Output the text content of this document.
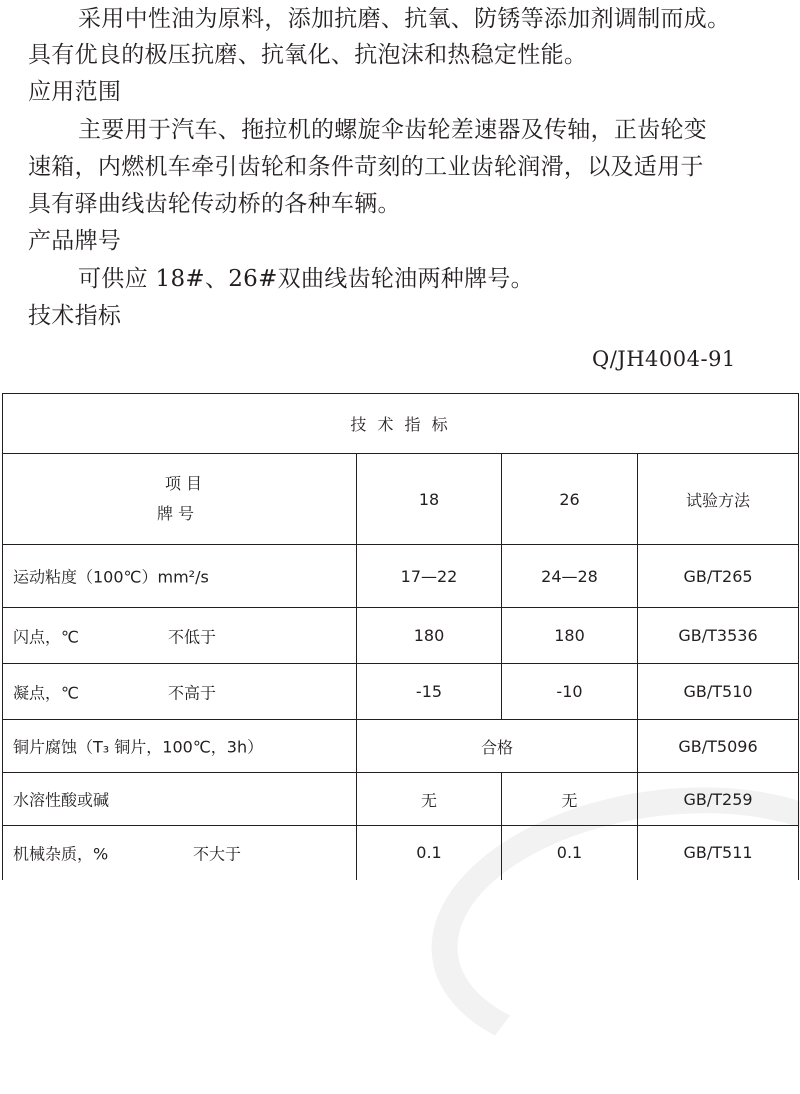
采用中性油为原料，添加抗磨、抗氧、防锈等添加剂调制而成。
具有优良的极压抗磨、抗氧化、抗泡沫和热稳定性能。
应用范围
主要用于汽车、拖拉机的螺旋伞齿轮差速器及传轴，正齿轮变
速箱，内燃机车牵引齿轮和条件苛刻的工业齿轮润滑，以及适用于
具有驿曲线齿轮传动桥的各种车辆。
产品牌号
可供应 18#、26#双曲线齿轮油两种牌号。
技术指标
Q/JH4004-91
技 术 指 标			

项 目
牌 号	18	26	试验方法

运动粘度（100℃）mm²/s	17—22	24—28	GB/T265

闪点，℃ 不低于	180	180	GB/T3536

凝点，℃ 不高于	-15	-10	GB/T510

铜片腐蚀（T₃ 铜片，100℃，3h）	合格		GB/T5096

水溶性酸或碱	无	无	GB/T259

机械杂质，% 不大于	0.1	0.1	GB/T511
